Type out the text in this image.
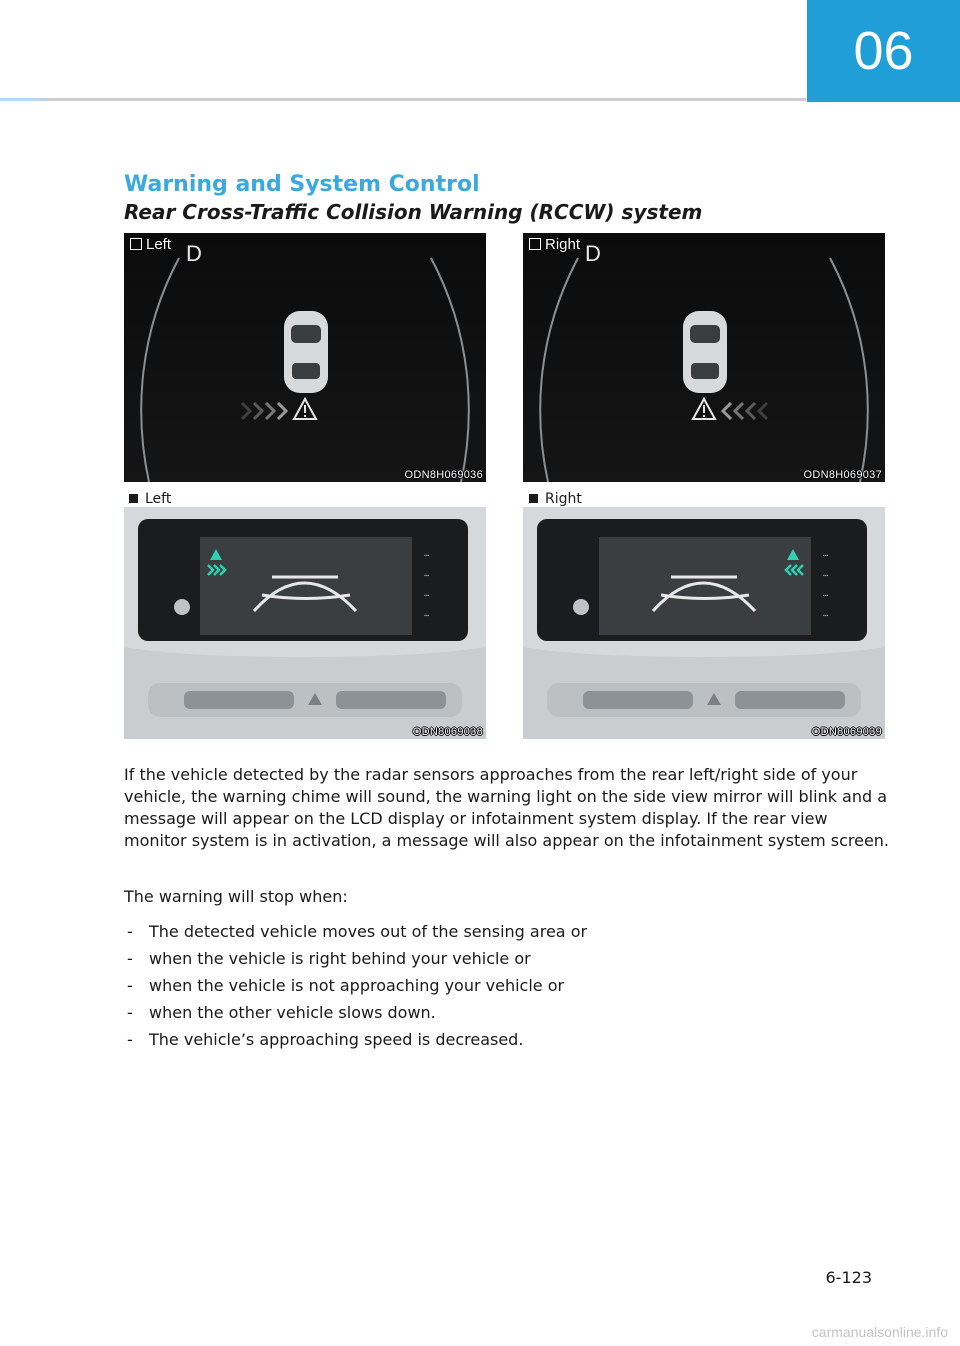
06
Warning and System Control
Rear Cross-Traffic Collision Warning (RCCW) system
D
Left
ODN8H069036
D
Right
ODN8H069037
Left	Right
▪▪▪
▪▪▪
▪▪▪
▪▪▪
ODN8069038
▪▪▪
▪▪▪
▪▪▪
▪▪▪
ODN8069039

If the vehicle detected by the radar sensors approaches from the rear left/right side of your vehicle, the warning chime will sound, the warning light on the side view mirror will blink and a message will appear on the LCD display or infotainment system display. If the rear view monitor system is in activation, a message will also appear on the infotainment system screen.

The warning will stop when:
- The detected vehicle moves out of the sensing area or
- when the vehicle is right behind your vehicle or
- when the vehicle is not approaching your vehicle or
- when the other vehicle slows down.
- The vehicle’s approaching speed is decreased.
6-123
carmanualsonline.info
